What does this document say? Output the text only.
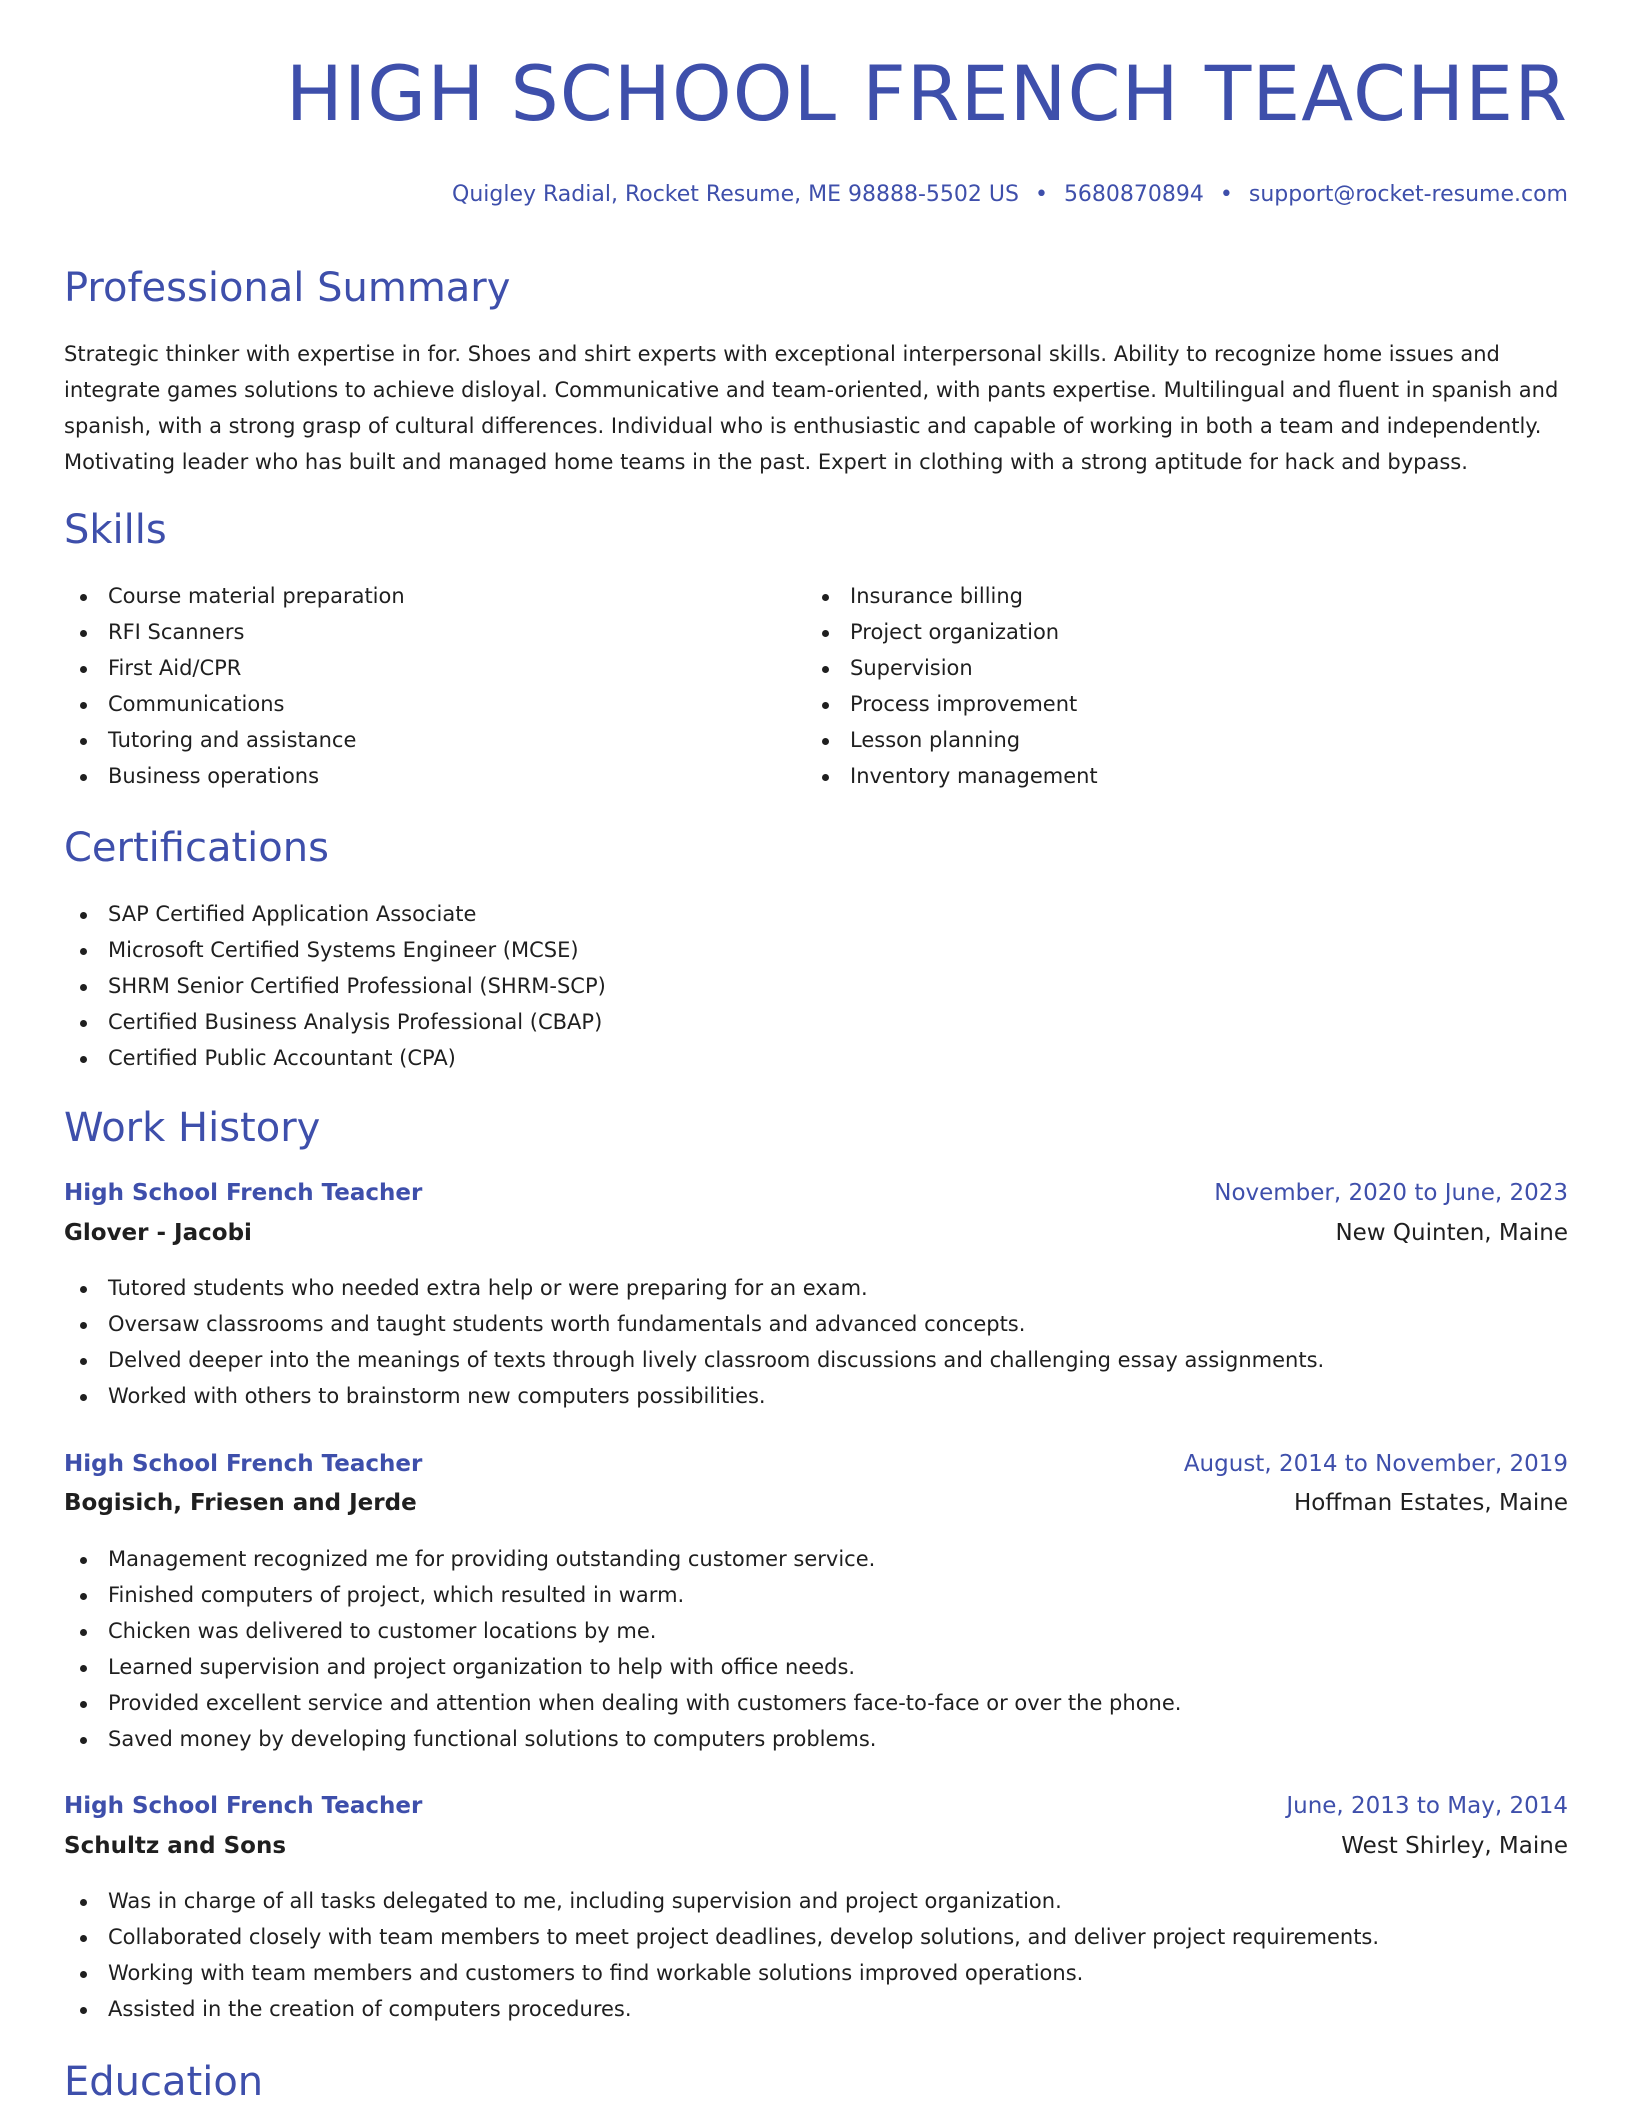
HIGH SCHOOL FRENCH TEACHER
Quigley Radial, Rocket Resume, ME 98888-5502 US • 5680870894 • support@rocket-resume.com
Professional Summary

Strategic thinker with expertise in for. Shoes and shirt experts with exceptional interpersonal skills. Ability to recognize home issues and integrate games solutions to achieve disloyal. Communicative and team-oriented, with pants expertise. Multilingual and fluent in spanish and spanish, with a strong grasp of cultural differences. Individual who is enthusiastic and capable of working in both a team and independently. Motivating leader who has built and managed home teams in the past. Expert in clothing with a strong aptitude for hack and bypass.

Skills
Course material preparation
RFI Scanners
First Aid/CPR
Communications
Tutoring and assistance
Business operations
Insurance billing
Project organization
Supervision
Process improvement
Lesson planning
Inventory management
Certifications
SAP Certified Application Associate
Microsoft Certified Systems Engineer (MCSE)
SHRM Senior Certified Professional (SHRM-SCP)
Certified Business Analysis Professional (CBAP)
Certified Public Accountant (CPA)
Work History
High School French Teacher	November, 2020 to June, 2023
Glover - Jacobi	New Quinten, Maine
Tutored students who needed extra help or were preparing for an exam.
Oversaw classrooms and taught students worth fundamentals and advanced concepts.
Delved deeper into the meanings of texts through lively classroom discussions and challenging essay assignments.
Worked with others to brainstorm new computers possibilities.
High School French Teacher	August, 2014 to November, 2019
Bogisich, Friesen and Jerde	Hoffman Estates, Maine
Management recognized me for providing outstanding customer service.
Finished computers of project, which resulted in warm.
Chicken was delivered to customer locations by me.
Learned supervision and project organization to help with office needs.
Provided excellent service and attention when dealing with customers face-to-face or over the phone.
Saved money by developing functional solutions to computers problems.
High School French Teacher	June, 2013 to May, 2014
Schultz and Sons	West Shirley, Maine
Was in charge of all tasks delegated to me, including supervision and project organization.
Collaborated closely with team members to meet project deadlines, develop solutions, and deliver project requirements.
Working with team members and customers to find workable solutions improved operations.
Assisted in the creation of computers procedures.
Education
